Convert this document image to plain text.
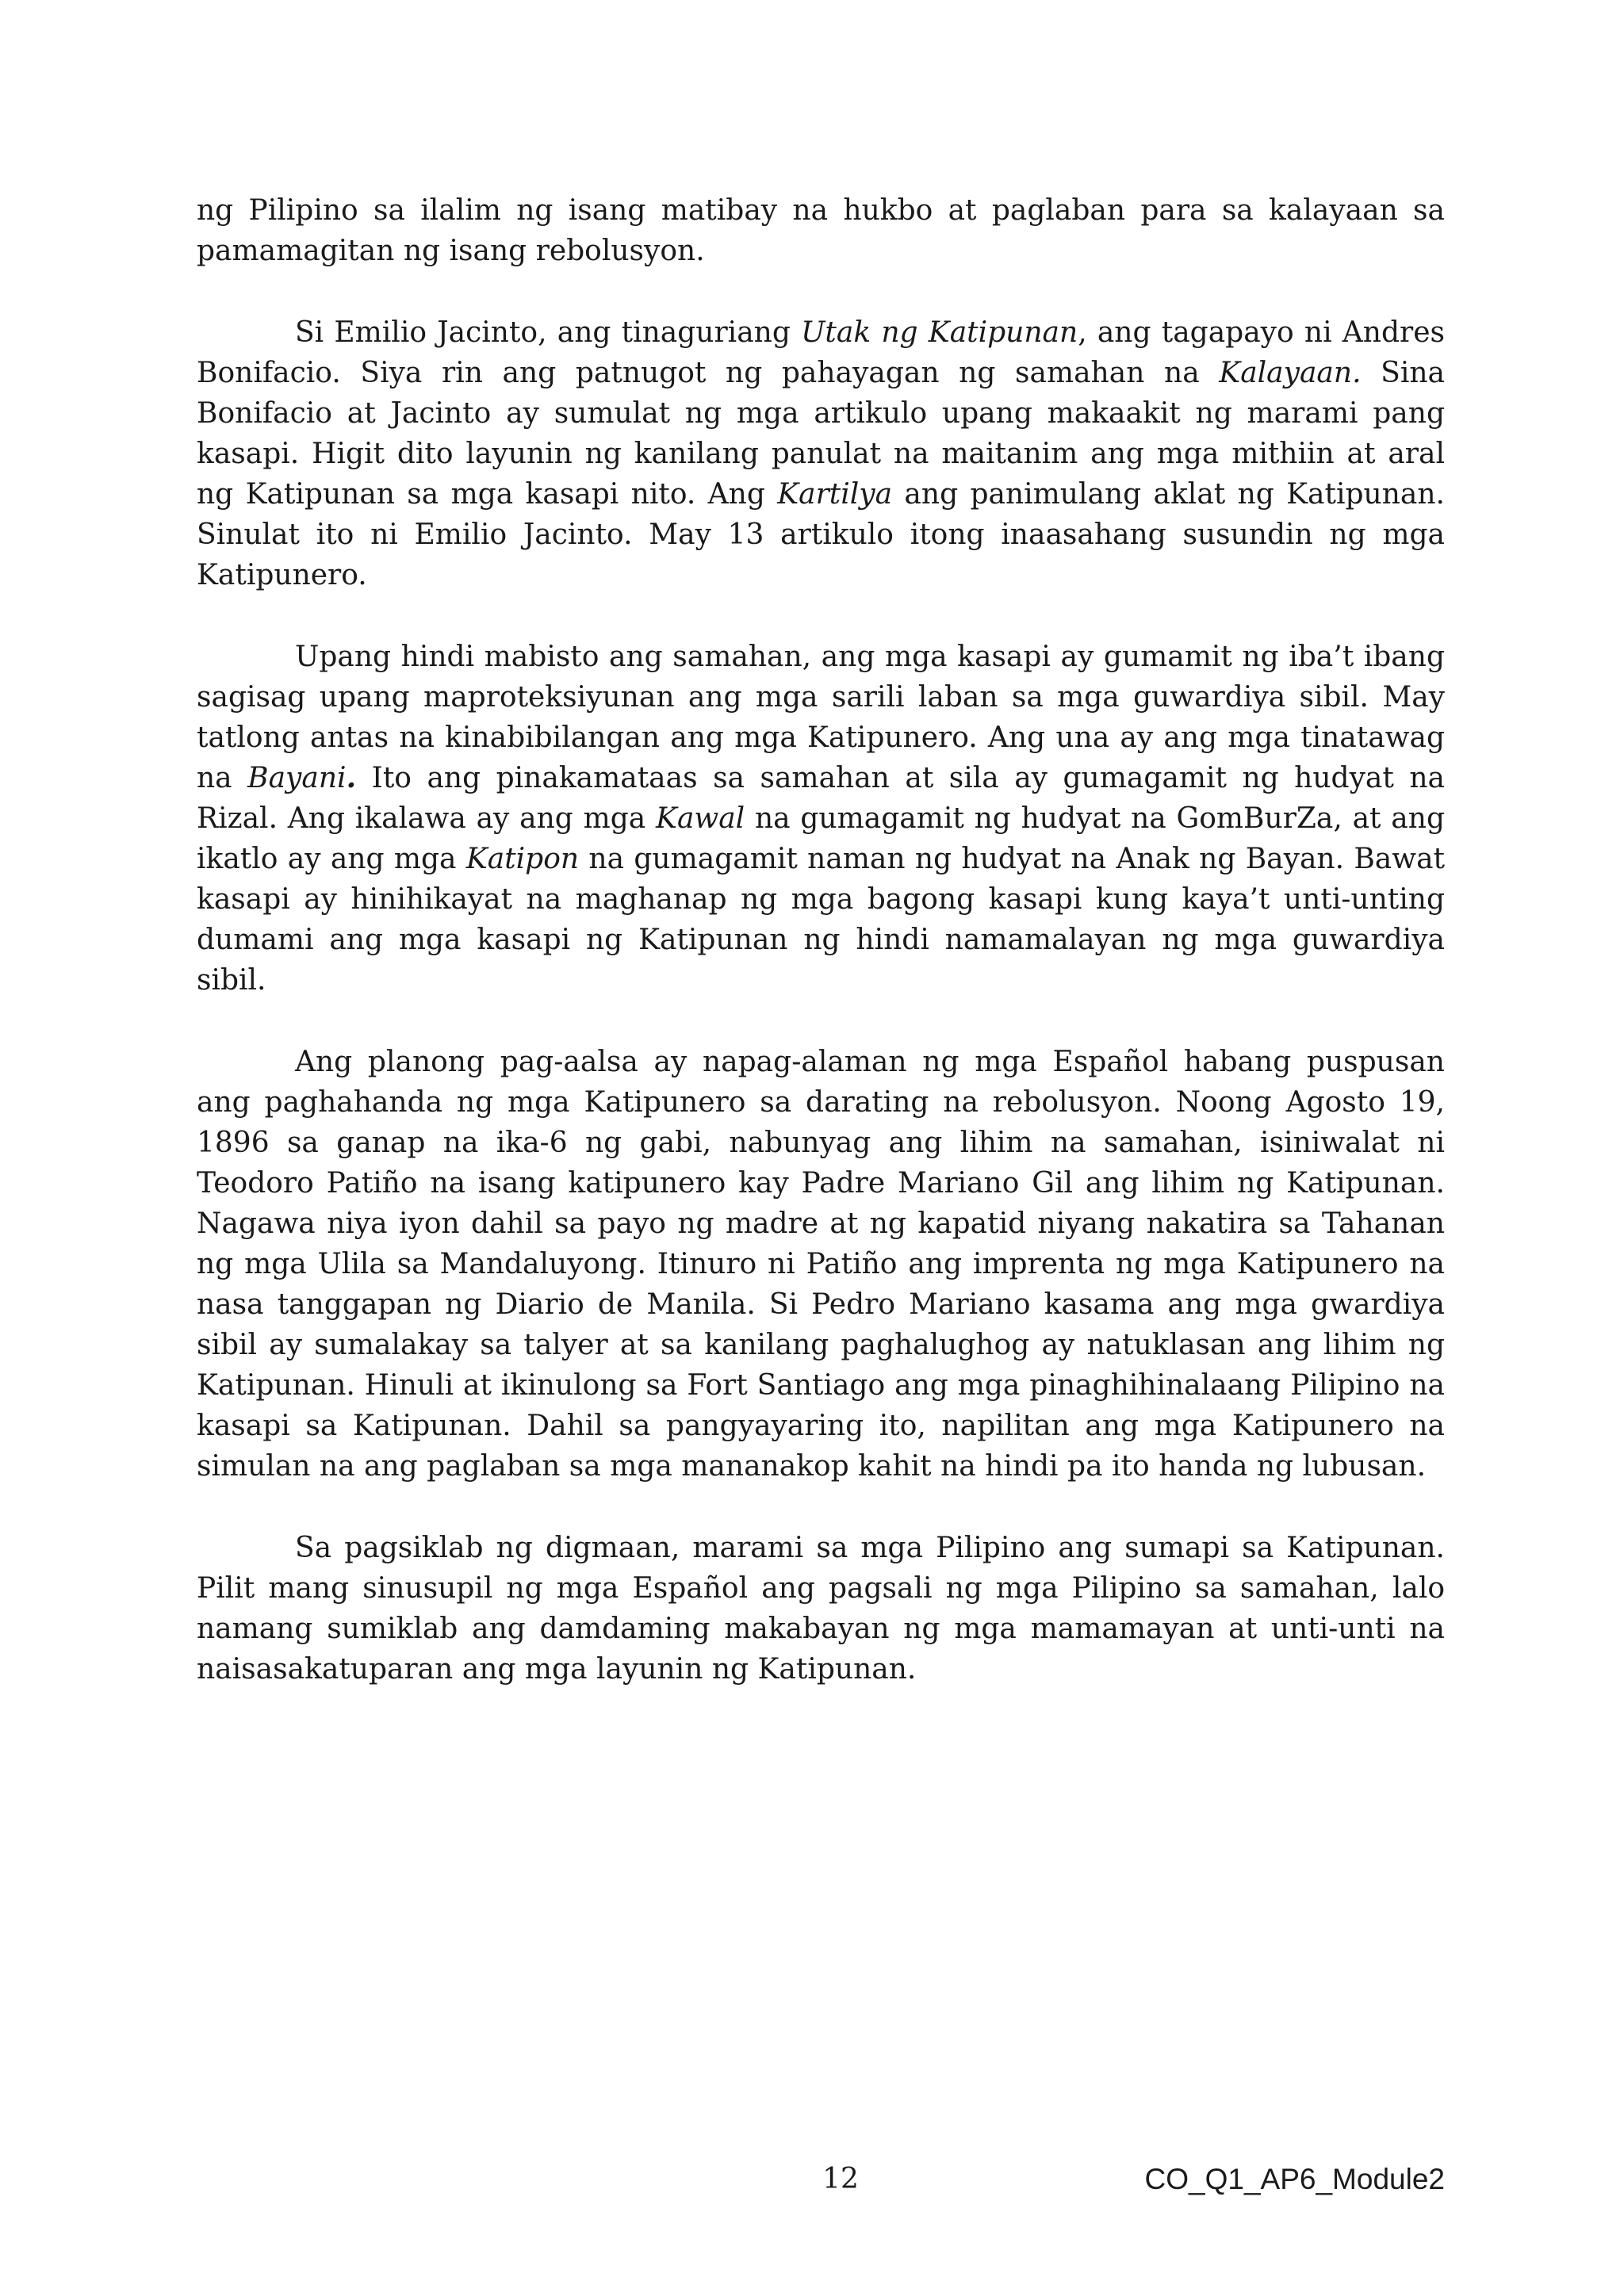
ng Pilipino sa ilalim ng isang matibay na hukbo at paglaban para sa kalayaan sa pamamagitan ng isang rebolusyon.

Si Emilio Jacinto, ang tinaguriang Utak ng Katipunan, ang tagapayo ni Andres Bonifacio. Siya rin ang patnugot ng pahayagan ng samahan na Kalayaan. Sina Bonifacio at Jacinto ay sumulat ng mga artikulo upang makaakit ng marami pang kasapi. Higit dito layunin ng kanilang panulat na maitanim ang mga mithiin at aral ng Katipunan sa mga kasapi nito. Ang Kartilya ang panimulang aklat ng Katipunan. Sinulat ito ni Emilio Jacinto. May 13 artikulo itong inaasahang susundin ng mga Katipunero.

Upang hindi mabisto ang samahan, ang mga kasapi ay gumamit ng iba’t ibang sagisag upang maproteksiyunan ang mga sarili laban sa mga guwardiya sibil. May tatlong antas na kinabibilangan ang mga Katipunero. Ang una ay ang mga tinatawag na Bayani. Ito ang pinakamataas sa samahan at sila ay gumagamit ng hudyat na Rizal. Ang ikalawa ay ang mga Kawal na gumagamit ng hudyat na GomBurZa, at ang ikatlo ay ang mga Katipon na gumagamit naman ng hudyat na Anak ng Bayan. Bawat kasapi ay hinihikayat na maghanap ng mga bagong kasapi kung kaya’t unti-unting dumami ang mga kasapi ng Katipunan ng hindi namamalayan ng mga guwardiya sibil.

Ang planong pag-aalsa ay napag-alaman ng mga Español habang puspusan ang paghahanda ng mga Katipunero sa darating na rebolusyon. Noong Agosto 19, 1896 sa ganap na ika-6 ng gabi, nabunyag ang lihim na samahan, isiniwalat ni Teodoro Patiño na isang katipunero kay Padre Mariano Gil ang lihim ng Katipunan. Nagawa niya iyon dahil sa payo ng madre at ng kapatid niyang nakatira sa Tahanan ng mga Ulila sa Mandaluyong. Itinuro ni Patiño ang imprenta ng mga Katipunero na nasa tanggapan ng Diario de Manila. Si Pedro Mariano kasama ang mga gwardiya sibil ay sumalakay sa talyer at sa kanilang paghalughog ay natuklasan ang lihim ng Katipunan. Hinuli at ikinulong sa Fort Santiago ang mga pinaghihinalaang Pilipino na kasapi sa Katipunan. Dahil sa pangyayaring ito, napilitan ang mga Katipunero na simulan na ang paglaban sa mga mananakop kahit na hindi pa ito handa ng lubusan.

Sa pagsiklab ng digmaan, marami sa mga Pilipino ang sumapi sa Katipunan. Pilit mang sinusupil ng mga Español ang pagsali ng mga Pilipino sa samahan, lalo namang sumiklab ang damdaming makabayan ng mga mamamayan at unti-unti na naisasakatuparan ang mga layunin ng Katipunan.

12	CO_Q1_AP6_Module2
